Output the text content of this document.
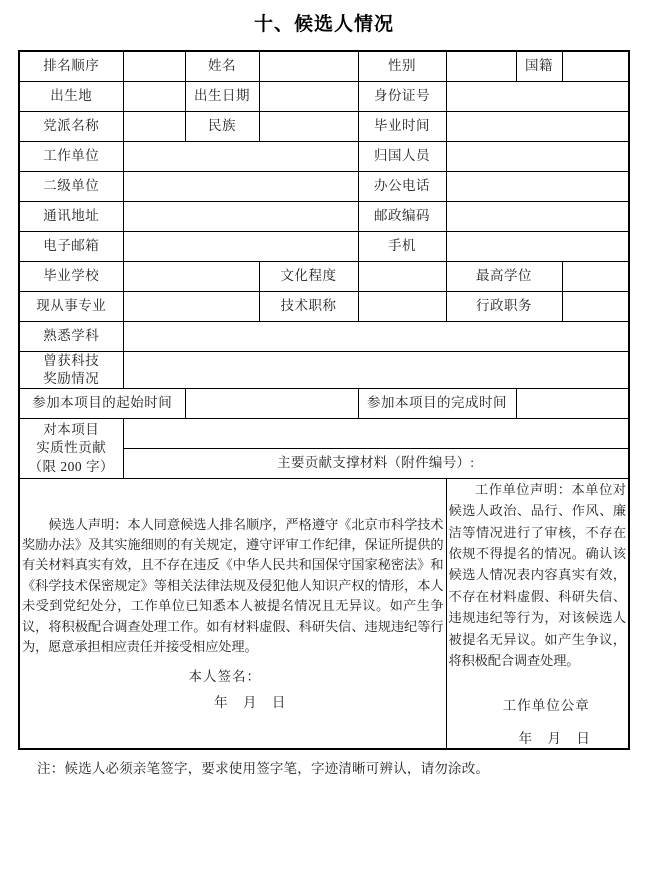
十、候选人情况
排名顺序		姓名		性别		国籍	
出生地		出生日期		身份证号			
党派名称		民族		毕业时间			
工作单位				归国人员			
二级单位				办公电话			
通讯地址				邮政编码			
电子邮箱				手机			
毕业学校			文化程度		最高学位		
现从事专业			技术职称		行政职务		
熟悉学科							
曾获科技
奖励情况							
参加本项目的起始时间				参加本项目的完成时间			
对本项目
实质性贡献
（限 200 字）							

	主要贡献支撑材料（附件编号）:						

候选人声明：本人同意候选人排名顺序，严格遵守《北京市科学技术奖励办法》及其实施细则的有关规定，遵守评审工作纪律，保证所提供的有关材料真实有效，且不存在违反《中华人民共和国保守国家秘密法》和《科学技术保密规定》等相关法律法规及侵犯他人知识产权的情形，本人未受到党纪处分，工作单位已知悉本人被提名情况且无异议。如产生争议，将积极配合调查处理工作。如有材料虚假、科研失信、违规违纪等行为，愿意承担相应责任并接受相应处理。

本人签名：
年 月 日

工作单位声明：本单位对候选人政治、品行、作风、廉洁等情况进行了审核，不存在依规不得提名的情况。确认该候选人情况表内容真实有效，不存在材料虚假、科研失信、违规违纪等行为，对该候选人被提名无异议。如产生争议，将积极配合调查处理。

工作单位公章
年 月 日
注：候选人必须亲笔签字，要求使用签字笔，字迹清晰可辨认，请勿涂改。
